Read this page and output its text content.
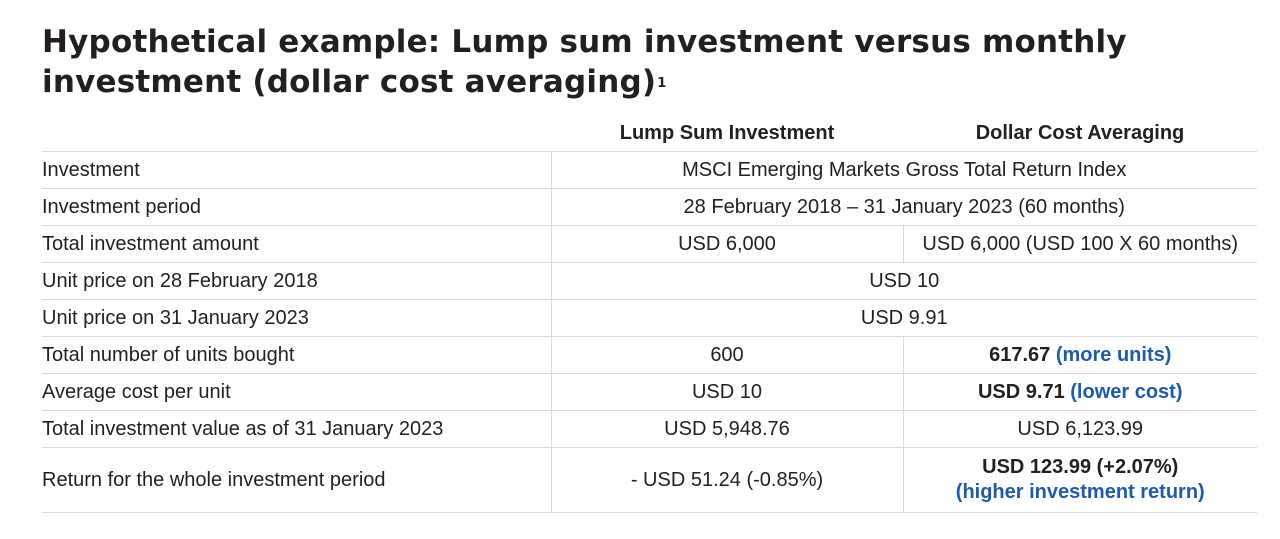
Hypothetical example: Lump sum investment versus monthly investment (dollar cost averaging)$^1$
	Lump Sum Investment	Dollar Cost Averaging
Investment	MSCI Emerging Markets Gross Total Return Index	
Investment period	28 February 2018 – 31 January 2023 (60 months)	
Total investment amount	USD 6,000	USD 6,000 (USD 100 X 60 months)
Unit price on 28 February 2018	USD 10	
Unit price on 31 January 2023	USD 9.91	
Total number of units bought	600	617.67 (more units)
Average cost per unit	USD 10	USD 9.71 (lower cost)
Total investment value as of 31 January 2023	USD 5,948.76	USD 6,123.99
Return for the whole investment period	- USD 51.24 (-0.85%)	USD 123.99 (+2.07%)
(higher investment return)
